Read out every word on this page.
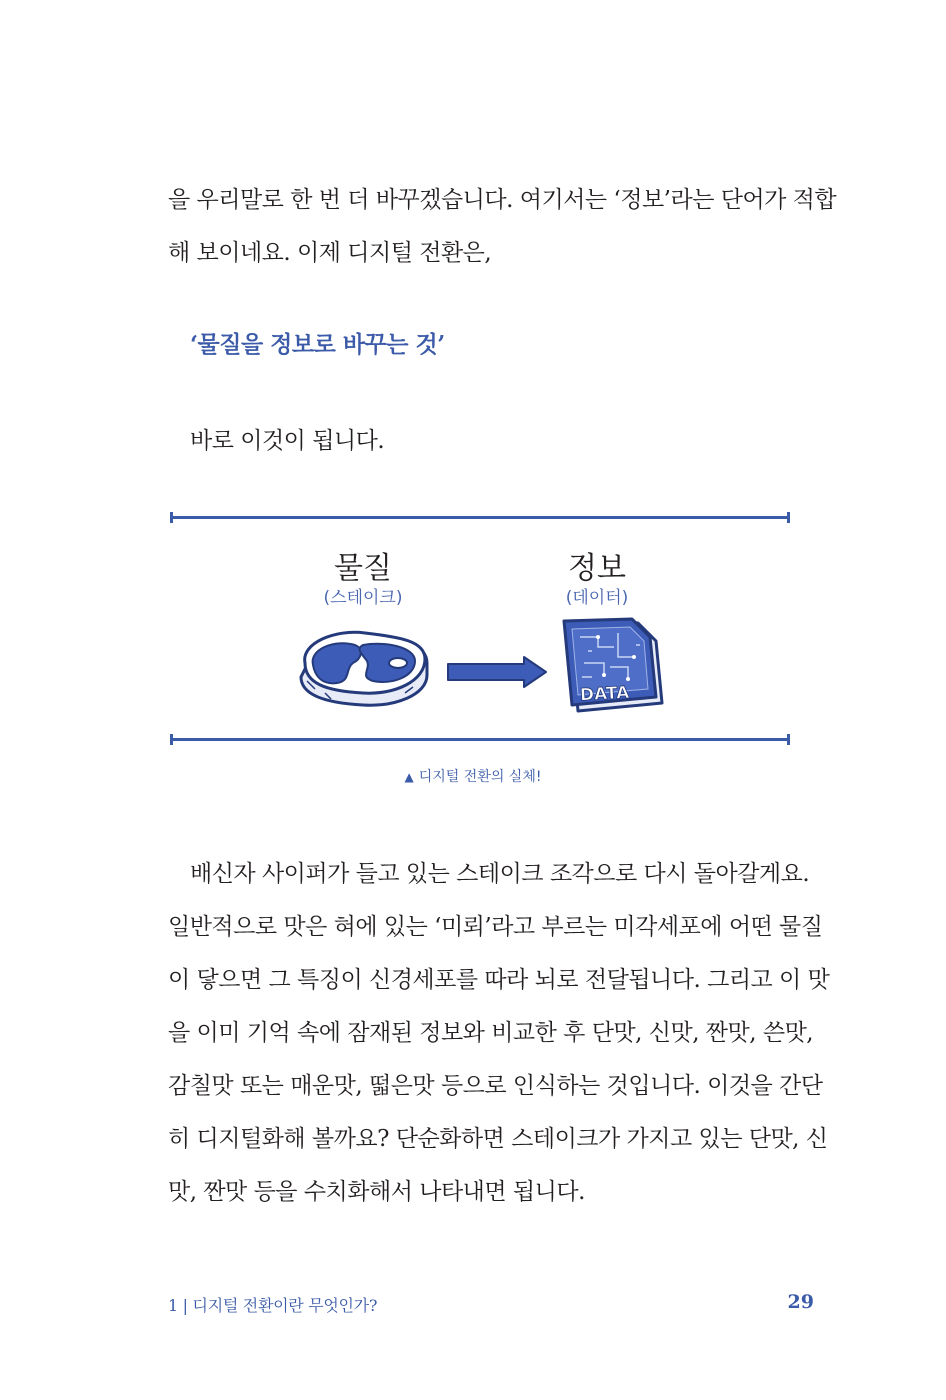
을 우리말로 한 번 더 바꾸겠습니다. 여기서는 ‘정보’라는 단어가 적합
해 보이네요. 이제 디지털 전환은,

‘물질을 정보로 바꾸는 것’

바로 이것이 됩니다.

물질
(스테이크)
정보
(데이터)
DATA
▲ 디지털 전환의 실체!
배신자 사이퍼가 들고 있는 스테이크 조각으로 다시 돌아갈게요.
일반적으로 맛은 혀에 있는 ‘미뢰’라고 부르는 미각세포에 어떤 물질
이 닿으면 그 특징이 신경세포를 따라 뇌로 전달됩니다. 그리고 이 맛
을 이미 기억 속에 잠재된 정보와 비교한 후 단맛, 신맛, 짠맛, 쓴맛,
감칠맛 또는 매운맛, 떫은맛 등으로 인식하는 것입니다. 이것을 간단
히 디지털화해 볼까요? 단순화하면 스테이크가 가지고 있는 단맛, 신
맛, 짠맛 등을 수치화해서 나타내면 됩니다.

1 | 디지털 전환이란 무엇인가?	29
